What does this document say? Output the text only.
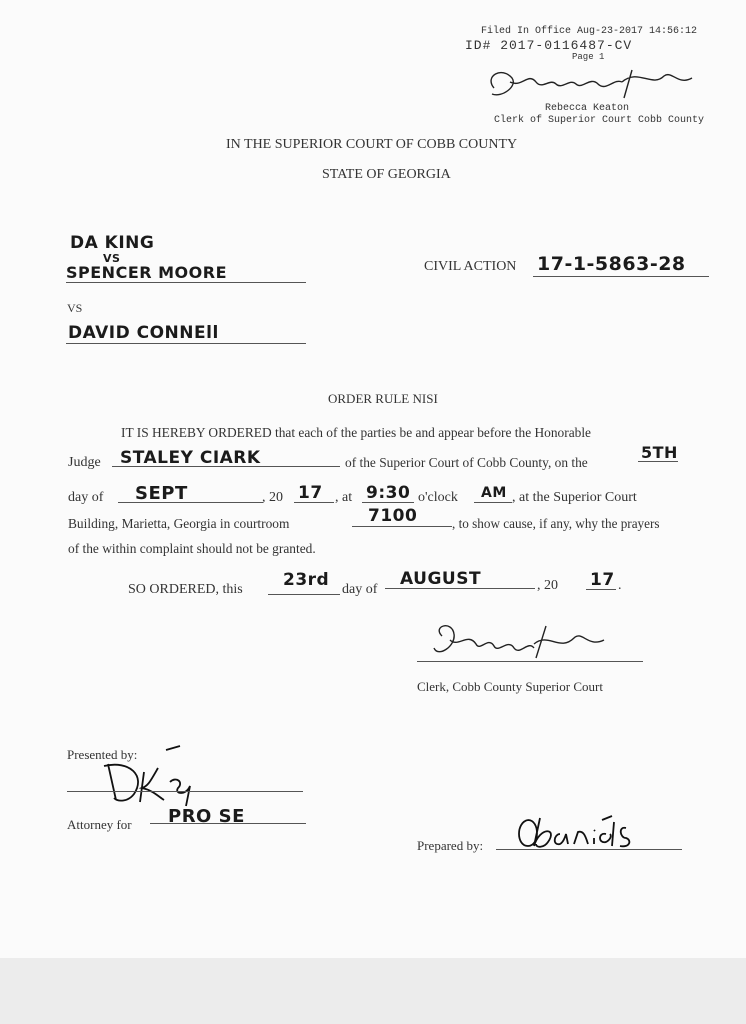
Filed In Office Aug-23-2017 14:56:12
ID# 2017-0116487-CV
Page 1
Rebecca Keaton
Clerk of Superior Court Cobb County
IN THE SUPERIOR COURT OF COBB COUNTY
STATE OF GEORGIA
DA KING
VS
SPENCER MOORE
VS
DAVID CONNEll
CIVIL ACTION 17-1-5863-28
ORDER RULE NISI
IT IS HEREBY ORDERED that each of the parties be and appear before the Honorable
Judge STALEY CIARK	of the Superior Court of Cobb County, on the
5TH
day of SEPT	, 20 17 , at 9:30 o'clock AM , at the Superior Court
Building, Marietta, Georgia in courtroom	7100	, to show cause, if any, why the prayers
of the within complaint should not be granted.
SO ORDERED, this 23rd day of
AUGUST	, 20 17 .
Clerk, Cobb County Superior Court
Presented by:
Attorney for PRO SE
Prepared by:
